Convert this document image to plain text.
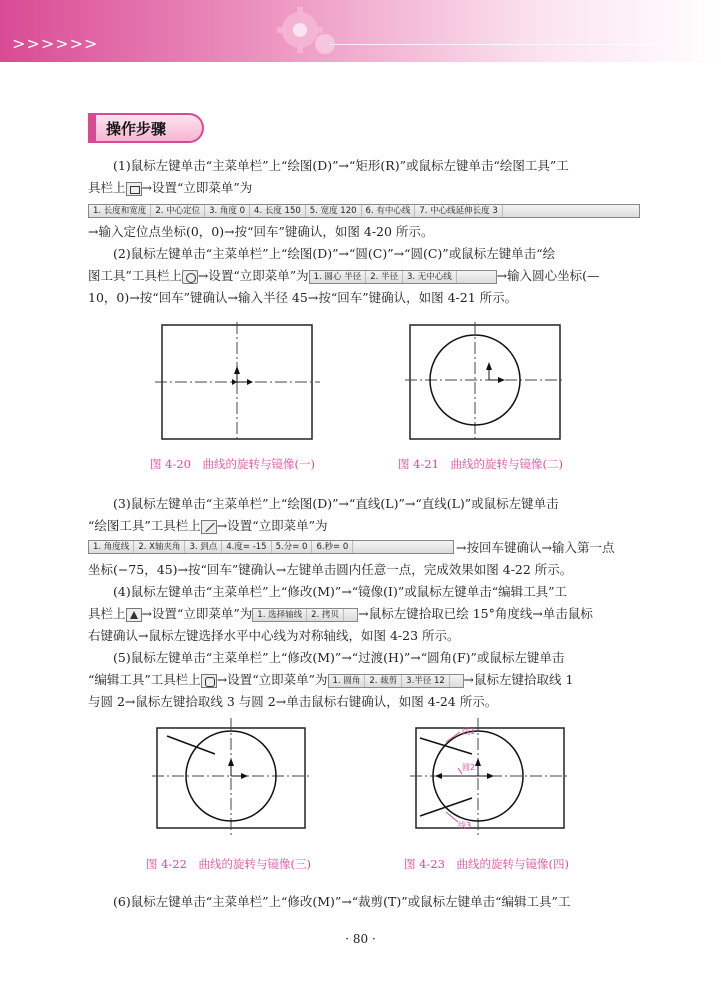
>>>>>>
操作步骤
(1)鼠标左键单击“主菜单栏”上“绘图(D)”→“矩形(R)”或鼠标左键单击“绘图工具”工
具栏上 →设置“立即菜单”为
1. 长度和宽度	2. 中心定位	3. 角度 0	4. 长度 150	5. 宽度 120	6. 有中心线	7. 中心线延伸长度 3
→输入定位点坐标(0，0)→按“回车”键确认，如图 4-20 所示。
(2)鼠标左键单击“主菜单栏”上“绘图(D)”→“圆(C)”→“圆(C)”或鼠标左键单击“绘
图工具”工具栏上 →设置“立即菜单”为 1. 圆心 半径	2. 半径	3. 无中心线	→输入圆心坐标(—
10，0)→按“回车”键确认→输入半径 45→按“回车”键确认，如图 4-21 所示。
图 4-20　曲线的旋转与镜像(一)	图 4-21　曲线的旋转与镜像(二)
(3)鼠标左键单击“主菜单栏”上“绘图(D)”→“直线(L)”→“直线(L)”或鼠标左键单击
“绘图工具”工具栏上 →设置“立即菜单”为
1. 角度线	2. X轴夹角	3. 到点	4.度= -15	5.分= 0	6.秒= 0	→按回车键确认→输入第一点
坐标(−75，45)→按“回车”键确认→左键单击圆内任意一点，完成效果如图 4-22 所示。
(4)鼠标左键单击“主菜单栏”上“修改(M)”→“镜像(I)”或鼠标左键单击“编辑工具”工
具栏上 →设置“立即菜单”为 1. 选择轴线	2. 拷贝	→鼠标左键拾取已绘 15°角度线→单击鼠标
右键确认→鼠标左键选择水平中心线为对称轴线，如图 4-23 所示。
(5)鼠标左键单击“主菜单栏”上“修改(M)”→“过渡(H)”→“圆角(F)”或鼠标左键单击
“编辑工具”工具栏上 →设置“立即菜单”为 1. 圆角	2. 裁剪	3.半径 12	→鼠标左键拾取线 1
与圆 2→鼠标左键拾取线 3 与圆 2→单击鼠标右键确认，如图 4-24 所示。
线1
圆2
线3
图 4-22　曲线的旋转与镜像(三)	图 4-23　曲线的旋转与镜像(四)
(6)鼠标左键单击“主菜单栏”上“修改(M)”→“裁剪(T)”或鼠标左键单击“编辑工具”工
· 80 ·
